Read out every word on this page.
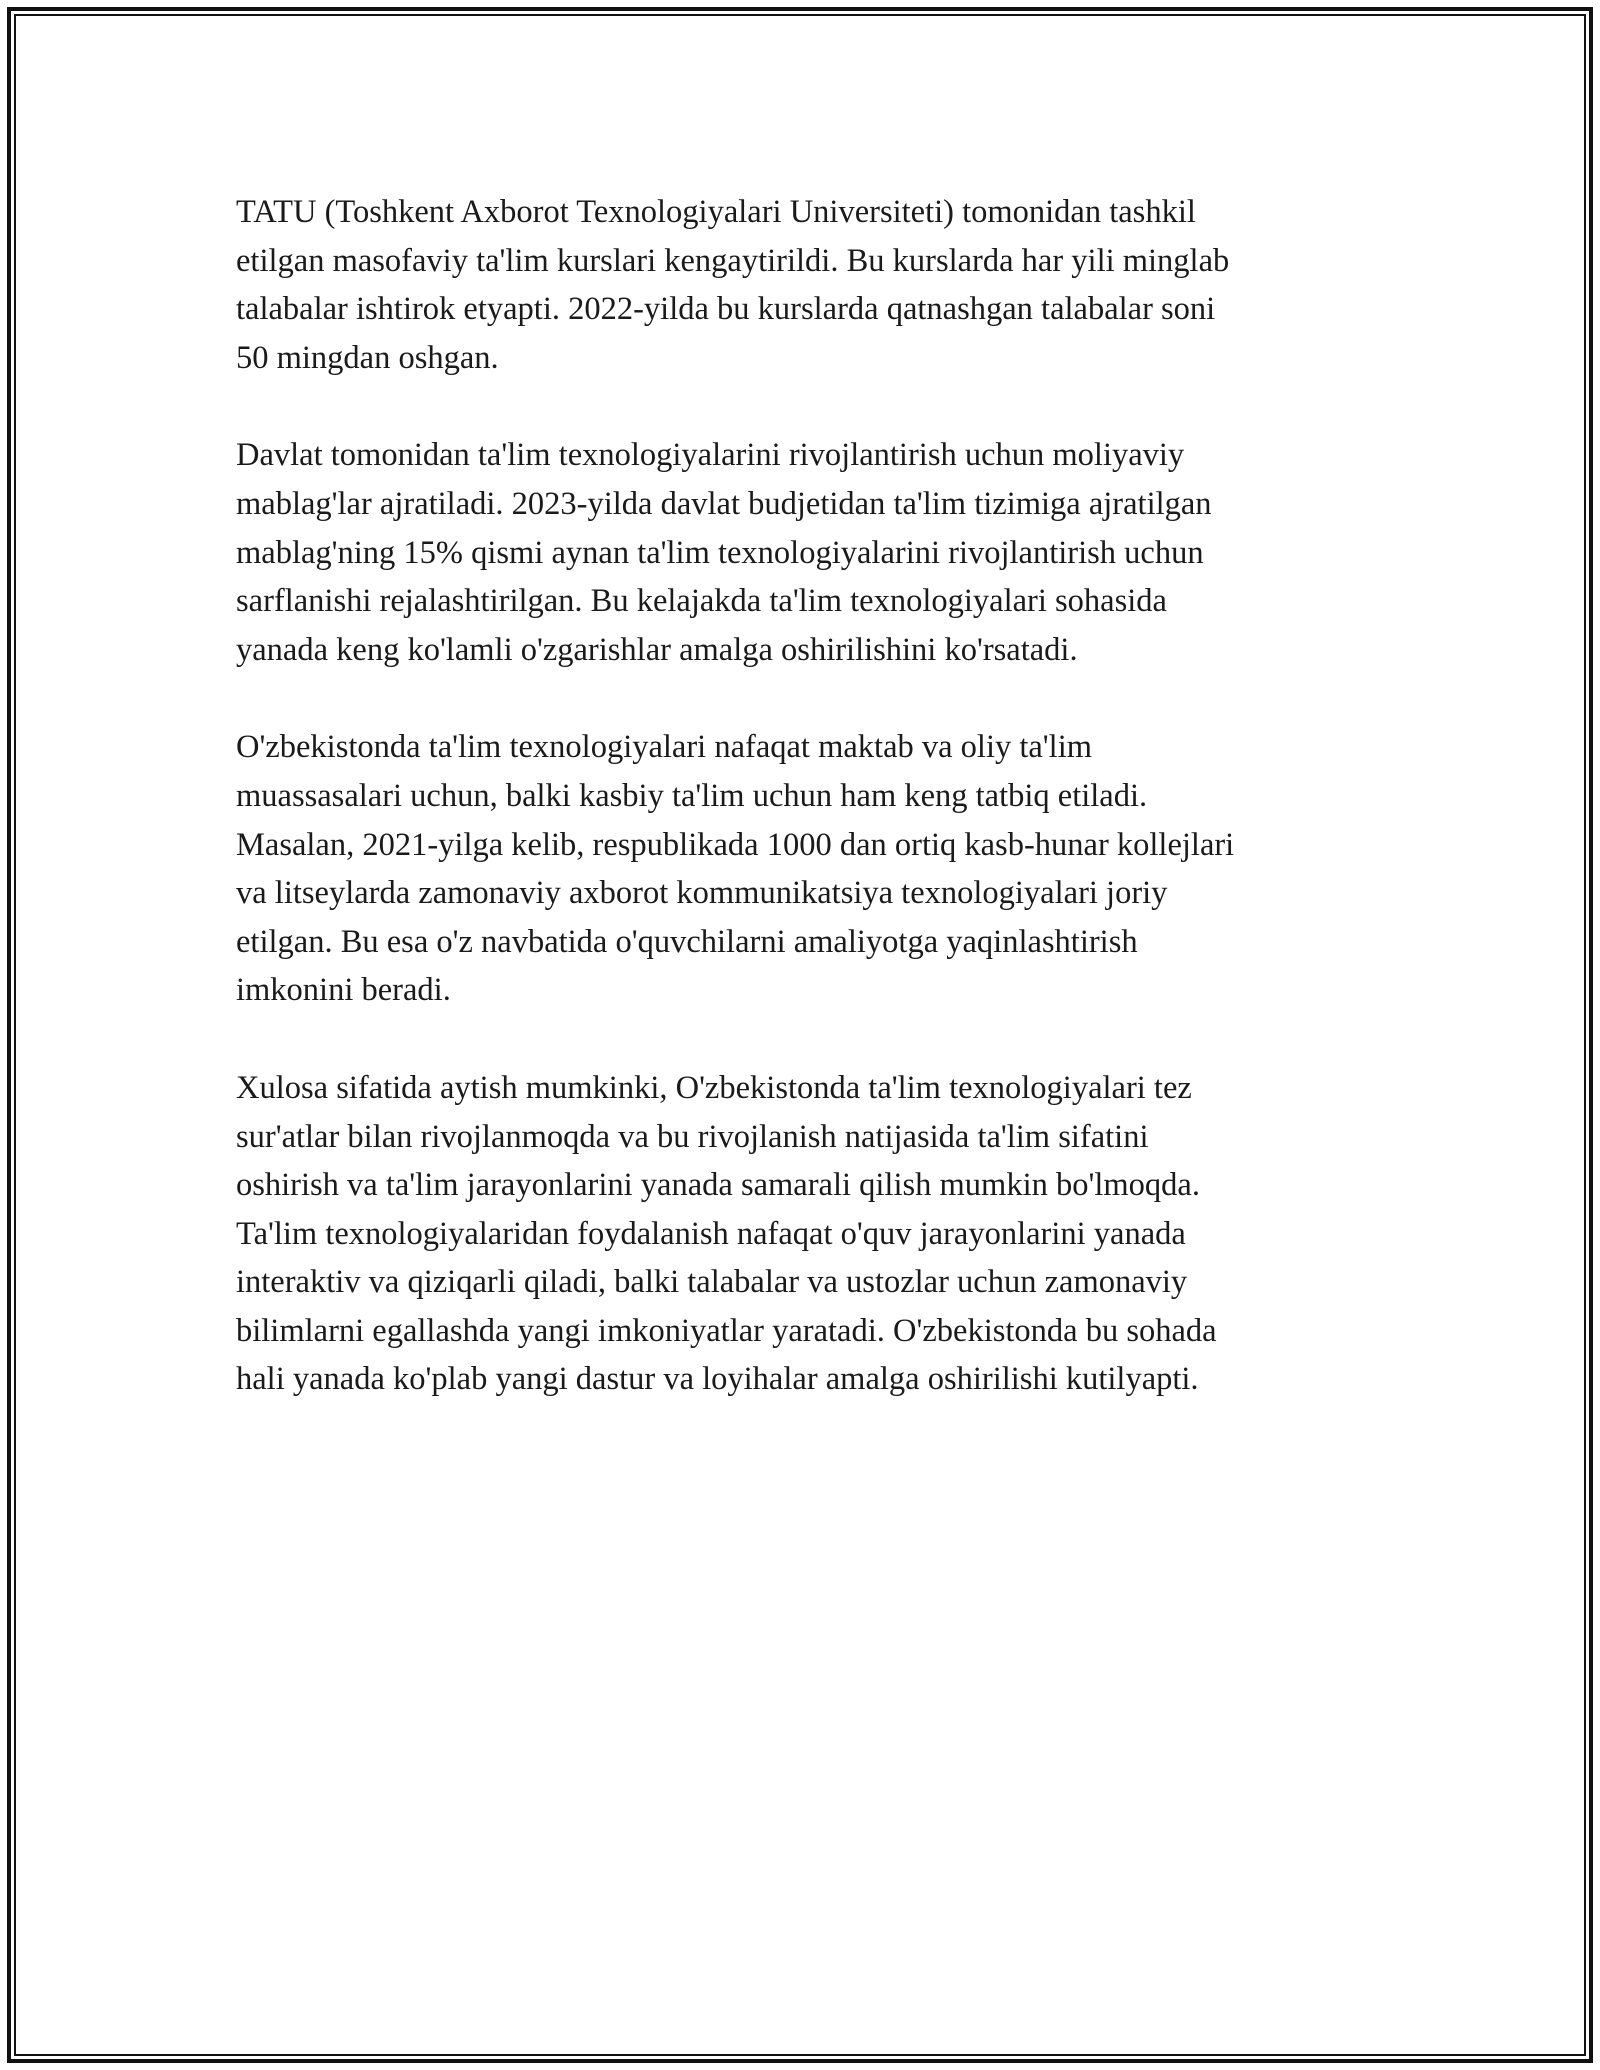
TATU (Toshkent Axborot Texnologiyalari Universiteti) tomonidan tashkil
etilgan masofaviy ta'lim kurslari kengaytirildi. Bu kurslarda har yili minglab
talabalar ishtirok etyapti. 2022-yilda bu kurslarda qatnashgan talabalar soni
50 mingdan oshgan.

Davlat tomonidan ta'lim texnologiyalarini rivojlantirish uchun moliyaviy
mablag'lar ajratiladi. 2023-yilda davlat budjetidan ta'lim tizimiga ajratilgan
mablag'ning 15% qismi aynan ta'lim texnologiyalarini rivojlantirish uchun
sarflanishi rejalashtirilgan. Bu kelajakda ta'lim texnologiyalari sohasida
yanada keng ko'lamli o'zgarishlar amalga oshirilishini ko'rsatadi.

O'zbekistonda ta'lim texnologiyalari nafaqat maktab va oliy ta'lim
muassasalari uchun, balki kasbiy ta'lim uchun ham keng tatbiq etiladi.
Masalan, 2021-yilga kelib, respublikada 1000 dan ortiq kasb-hunar kollejlari
va litseylarda zamonaviy axborot kommunikatsiya texnologiyalari joriy
etilgan. Bu esa o'z navbatida o'quvchilarni amaliyotga yaqinlashtirish
imkonini beradi.

Xulosa sifatida aytish mumkinki, O'zbekistonda ta'lim texnologiyalari tez
sur'atlar bilan rivojlanmoqda va bu rivojlanish natijasida ta'lim sifatini
oshirish va ta'lim jarayonlarini yanada samarali qilish mumkin bo'lmoqda.
Ta'lim texnologiyalaridan foydalanish nafaqat o'quv jarayonlarini yanada
interaktiv va qiziqarli qiladi, balki talabalar va ustozlar uchun zamonaviy
bilimlarni egallashda yangi imkoniyatlar yaratadi. O'zbekistonda bu sohada
hali yanada ko'plab yangi dastur va loyihalar amalga oshirilishi kutilyapti.
